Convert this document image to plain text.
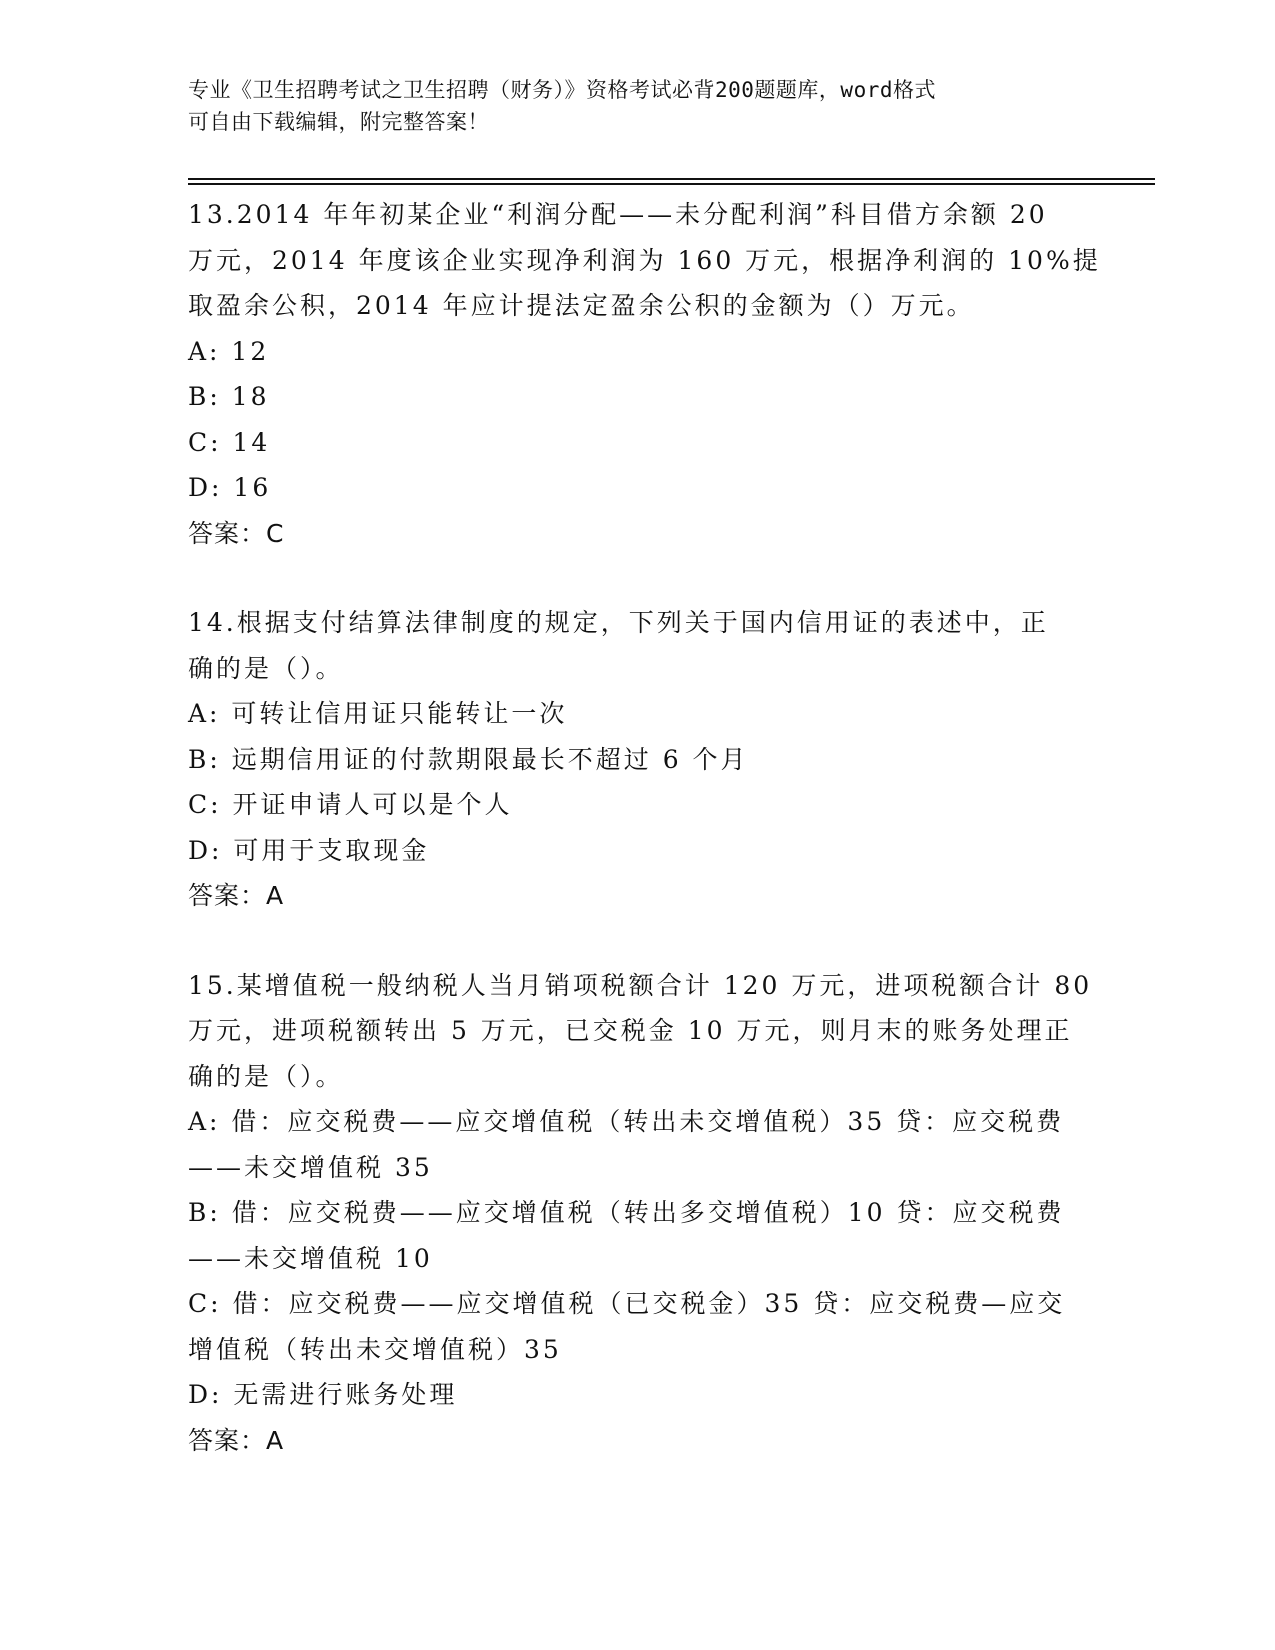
专业《卫生招聘考试之卫生招聘（财务）》资格考试必背200题题库，word格式
可自由下载编辑，附完整答案！
13.2014 年年初某企业“利润分配——未分配利润”科目借方余额 20
万元，2014 年度该企业实现净利润为 160 万元，根据净利润的 10%提
取盈余公积，2014 年应计提法定盈余公积的金额为（）万元。
A: 12
B: 18
C: 14
D: 16
答案：C
14.根据支付结算法律制度的规定，下列关于国内信用证的表述中，正
确的是（）。
A: 可转让信用证只能转让一次
B: 远期信用证的付款期限最长不超过 6 个月
C: 开证申请人可以是个人
D: 可用于支取现金
答案：A
15.某增值税一般纳税人当月销项税额合计 120 万元，进项税额合计 80
万元，进项税额转出 5 万元，已交税金 10 万元，则月末的账务处理正
确的是（）。
A: 借：应交税费——应交增值税（转出未交增值税）35 贷：应交税费
——未交增值税 35
B: 借：应交税费——应交增值税（转出多交增值税）10 贷：应交税费
——未交增值税 10
C: 借：应交税费——应交增值税（已交税金）35 贷：应交税费—应交
增值税（转出未交增值税）35
D: 无需进行账务处理
答案：A
